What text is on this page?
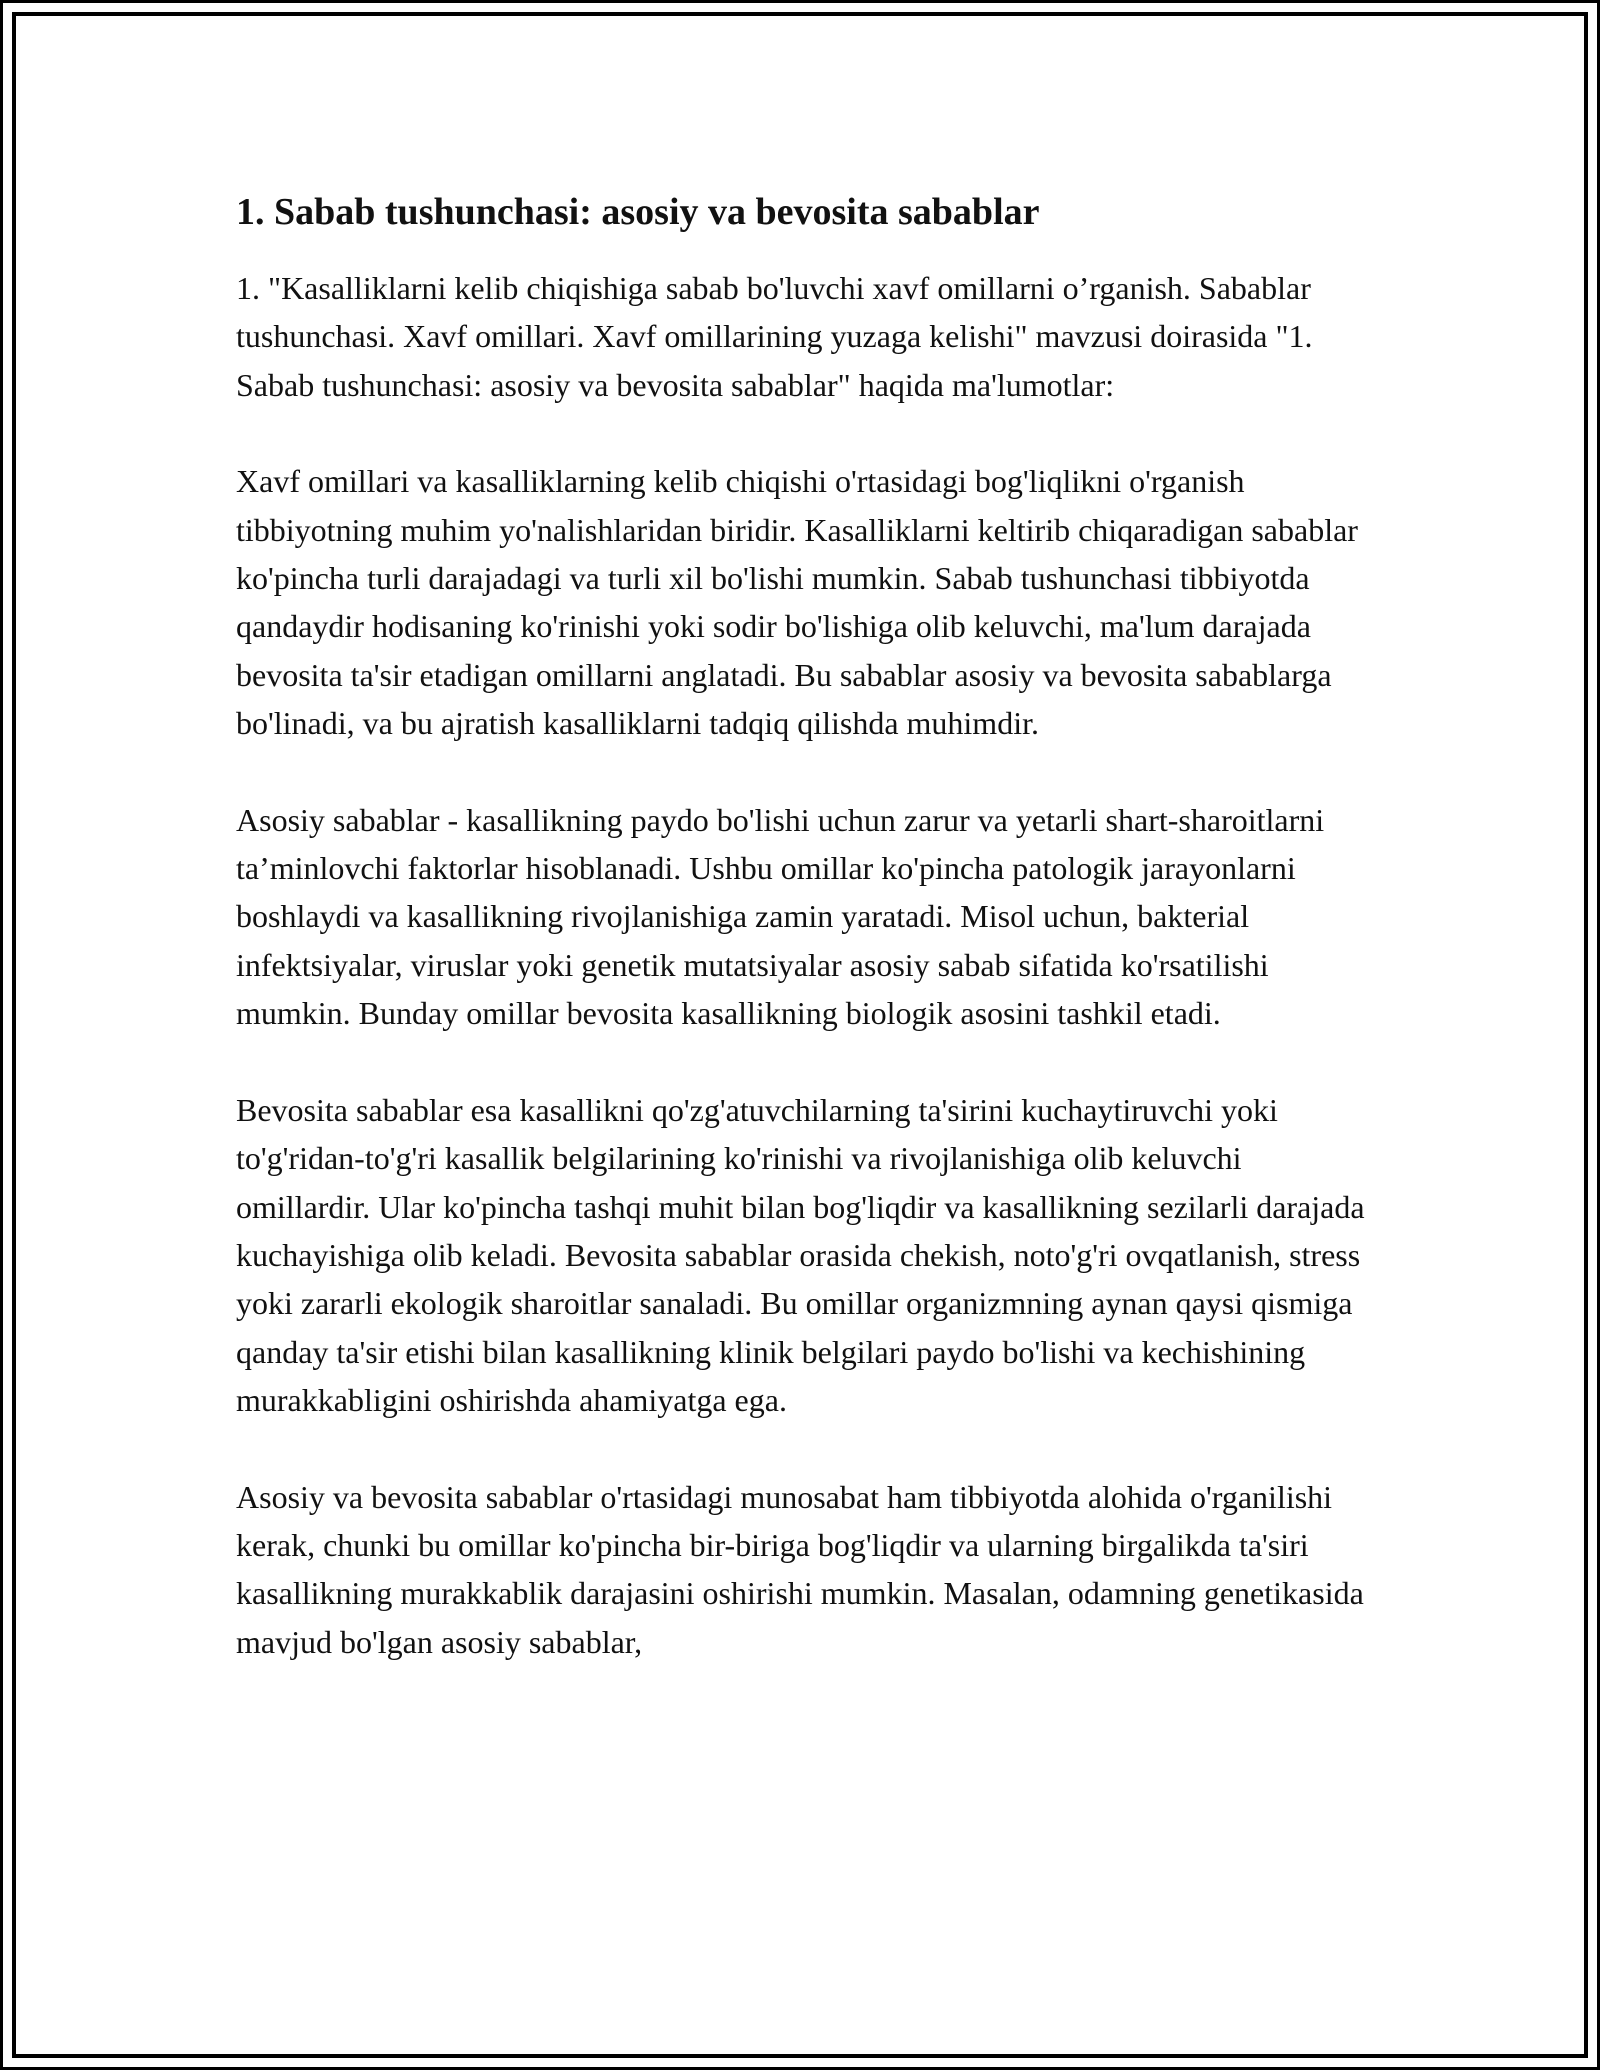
1. Sabab tushunchasi: asosiy va bevosita sabablar

1. "Kasalliklarni kelib chiqishiga sabab bo'luvchi xavf omillarni o’rganish. Sabablar tushunchasi. Xavf omillari. Xavf omillarining yuzaga kelishi" mavzusi doirasida "1. Sabab tushunchasi: asosiy va bevosita sabablar" haqida ma'lumotlar:

Xavf omillari va kasalliklarning kelib chiqishi o'rtasidagi bog'liqlikni o'rganish tibbiyotning muhim yo'nalishlaridan biridir. Kasalliklarni keltirib chiqaradigan sabablar ko'pincha turli darajadagi va turli xil bo'lishi mumkin. Sabab tushunchasi tibbiyotda qandaydir hodisaning ko'rinishi yoki sodir bo'lishiga olib keluvchi, ma'lum darajada bevosita ta'sir etadigan omillarni anglatadi. Bu sabablar asosiy va bevosita sabablarga bo'linadi, va bu ajratish kasalliklarni tadqiq qilishda muhimdir.

Asosiy sabablar - kasallikning paydo bo'lishi uchun zarur va yetarli shart-sharoitlarni ta’minlovchi faktorlar hisoblanadi. Ushbu omillar ko'pincha patologik jarayonlarni boshlaydi va kasallikning rivojlanishiga zamin yaratadi. Misol uchun, bakterial infektsiyalar, viruslar yoki genetik mutatsiyalar asosiy sabab sifatida ko'rsatilishi mumkin. Bunday omillar bevosita kasallikning biologik asosini tashkil etadi.

Bevosita sabablar esa kasallikni qo'zg'atuvchilarning ta'sirini kuchaytiruvchi yoki to'g'ridan-to'g'ri kasallik belgilarining ko'rinishi va rivojlanishiga olib keluvchi omillardir. Ular ko'pincha tashqi muhit bilan bog'liqdir va kasallikning sezilarli darajada kuchayishiga olib keladi. Bevosita sabablar orasida chekish, noto'g'ri ovqatlanish, stress yoki zararli ekologik sharoitlar sanaladi. Bu omillar organizmning aynan qaysi qismiga qanday ta'sir etishi bilan kasallikning klinik belgilari paydo bo'lishi va kechishining murakkabligini oshirishda ahamiyatga ega.

Asosiy va bevosita sabablar o'rtasidagi munosabat ham tibbiyotda alohida o'rganilishi kerak, chunki bu omillar ko'pincha bir-biriga bog'liqdir va ularning birgalikda ta'siri kasallikning murakkablik darajasini oshirishi mumkin. Masalan, odamning genetikasida mavjud bo'lgan asosiy sabablar,
